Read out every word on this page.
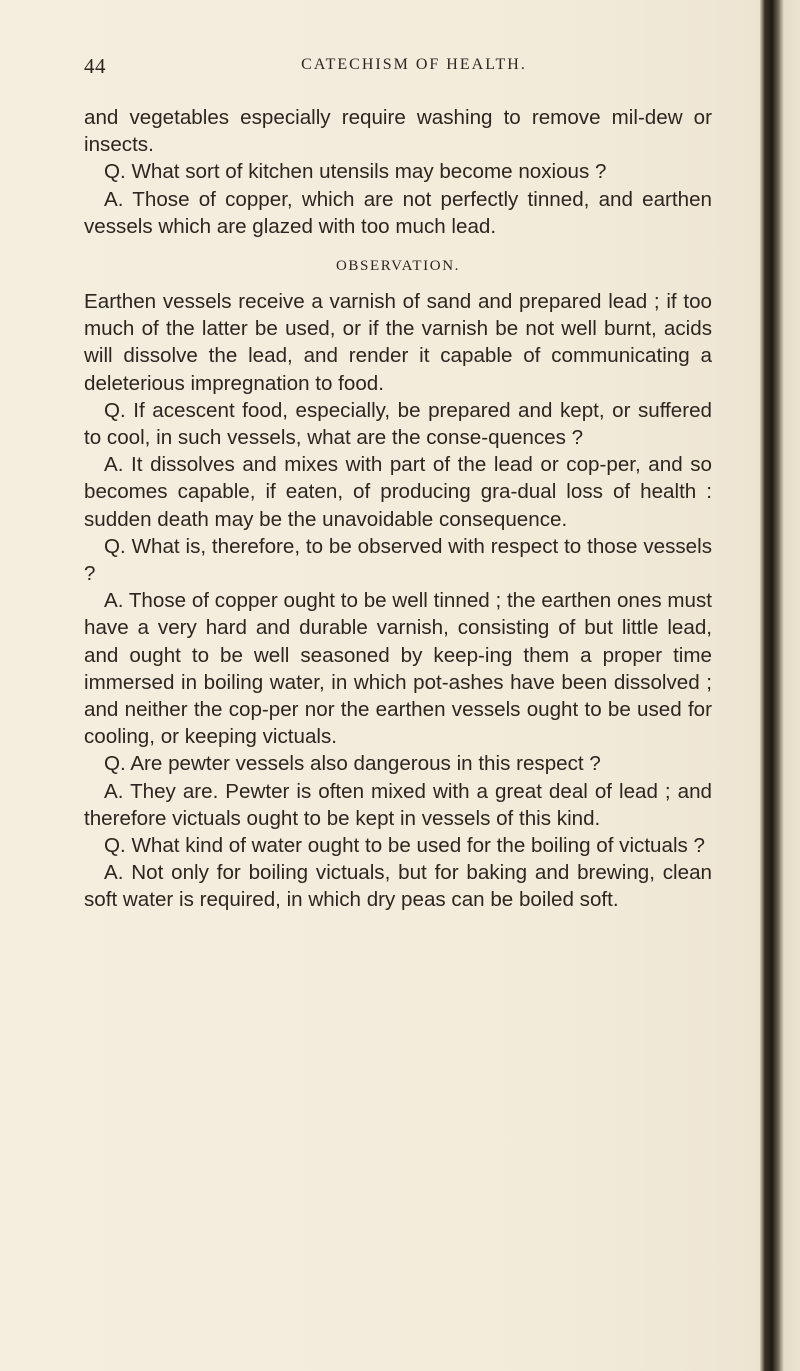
44	CATECHISM OF HEALTH.

and vegetables especially require washing to remove mil-dew or insects.

Q. What sort of kitchen utensils may become noxious ?

A. Those of copper, which are not perfectly tinned, and earthen vessels which are glazed with too much lead.

OBSERVATION.

Earthen vessels receive a varnish of sand and prepared lead ; if too much of the latter be used, or if the varnish be not well burnt, acids will dissolve the lead, and render it capable of communicating a deleterious impregnation to food.

Q. If acescent food, especially, be prepared and kept, or suffered to cool, in such vessels, what are the conse-quences ?

A. It dissolves and mixes with part of the lead or cop-per, and so becomes capable, if eaten, of producing gra-dual loss of health : sudden death may be the unavoidable consequence.

Q. What is, therefore, to be observed with respect to those vessels ?

A. Those of copper ought to be well tinned ; the earthen ones must have a very hard and durable varnish, consisting of but little lead, and ought to be well seasoned by keep-ing them a proper time immersed in boiling water, in which pot-ashes have been dissolved ; and neither the cop-per nor the earthen vessels ought to be used for cooling, or keeping victuals.

Q. Are pewter vessels also dangerous in this respect ?

A. They are. Pewter is often mixed with a great deal of lead ; and therefore victuals ought to be kept in vessels of this kind.

Q. What kind of water ought to be used for the boiling of victuals ?

A. Not only for boiling victuals, but for baking and brewing, clean soft water is required, in which dry peas can be boiled soft.
